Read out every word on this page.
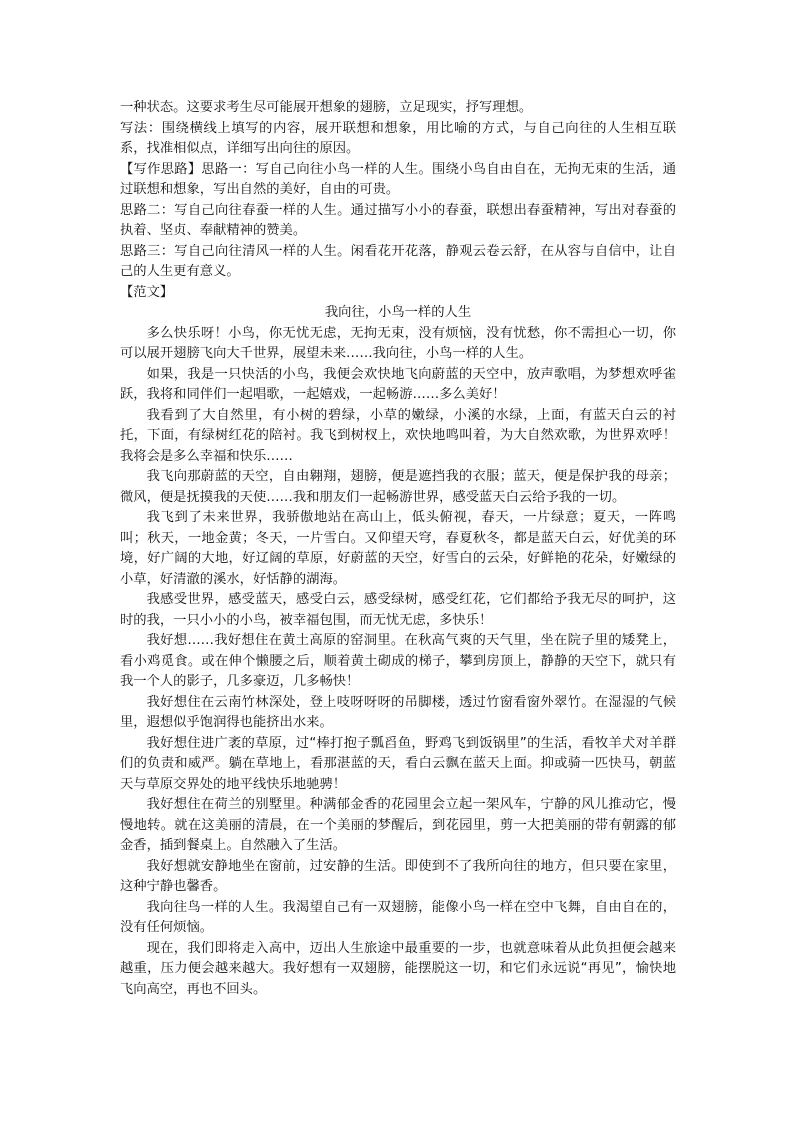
一种状态。这要求考生尽可能展开想象的翅膀，立足现实，抒写理想。

写法：围绕横线上填写的内容，展开联想和想象，用比喻的方式，与自己向往的人生相互联系，找准相似点，详细写出向往的原因。

【写作思路】思路一：写自己向往小鸟一样的人生。围绕小鸟自由自在，无拘无束的生活，通过联想和想象，写出自然的美好，自由的可贵。

思路二：写自己向往春蚕一样的人生。通过描写小小的春蚕，联想出春蚕精神，写出对春蚕的执着、坚贞、奉献精神的赞美。

思路三：写自己向往清风一样的人生。闲看花开花落，静观云卷云舒，在从容与自信中，让自己的人生更有意义。

【范文】

我向往，小鸟一样的人生

多么快乐呀！小鸟，你无忧无虑，无拘无束，没有烦恼，没有忧愁，你不需担心一切，你可以展开翅膀飞向大千世界，展望未来……我向往，小鸟一样的人生。

如果，我是一只快活的小鸟，我便会欢快地飞向蔚蓝的天空中，放声歌唱，为梦想欢呼雀跃，我将和同伴们一起唱歌，一起嬉戏，一起畅游……多么美好！

我看到了大自然里，有小树的碧绿，小草的嫩绿，小溪的水绿，上面，有蓝天白云的衬托，下面，有绿树红花的陪衬。我飞到树杈上，欢快地鸣叫着，为大自然欢歌，为世界欢呼！我将会是多么幸福和快乐……

我飞向那蔚蓝的天空，自由翱翔，翅膀，便是遮挡我的衣服；蓝天，便是保护我的母亲；微风，便是抚摸我的天使……我和朋友们一起畅游世界，感受蓝天白云给予我的一切。

我飞到了未来世界，我骄傲地站在高山上，低头俯视，春天，一片绿意；夏天，一阵鸣叫；秋天，一地金黄；冬天，一片雪白。又仰望天穹，春夏秋冬，都是蓝天白云，好优美的环境，好广阔的大地，好辽阔的草原，好蔚蓝的天空，好雪白的云朵，好鲜艳的花朵，好嫩绿的小草，好清澈的溪水，好恬静的湖海。

我感受世界，感受蓝天，感受白云，感受绿树，感受红花，它们都给予我无尽的呵护，这时的我，一只小小的小鸟，被幸福包围，而无忧无虑，多快乐！

我好想……我好想住在黄土高原的窑洞里。在秋高气爽的天气里，坐在院子里的矮凳上，看小鸡觅食。或在伸个懒腰之后，顺着黄土砌成的梯子，攀到房顶上，静静的天空下，就只有我一个人的影子，几多豪迈，几多畅快！

我好想住在云南竹林深处，登上吱呀呀呀的吊脚楼，透过竹窗看窗外翠竹。在湿湿的气候里，遐想似乎饱润得也能挤出水来。

我好想住进广袤的草原，过“棒打抱子瓢舀鱼，野鸡飞到饭锅里”的生活，看牧羊犬对羊群们的负责和威严。躺在草地上，看那湛蓝的天，看白云飘在蓝天上面。抑或骑一匹快马，朝蓝天与草原交界处的地平线快乐地驰骋！

我好想住在荷兰的别墅里。种满郁金香的花园里会立起一架风车，宁静的风儿推动它，慢慢地转。就在这美丽的清晨，在一个美丽的梦醒后，到花园里，剪一大把美丽的带有朝露的郁金香，插到餐桌上。自然融入了生活。

我好想就安静地坐在窗前，过安静的生活。即使到不了我所向往的地方，但只要在家里，这种宁静也馨香。

我向往鸟一样的人生。我渴望自己有一双翅膀，能像小鸟一样在空中飞舞，自由自在的，没有任何烦恼。

现在，我们即将走入高中，迈出人生旅途中最重要的一步，也就意味着从此负担便会越来越重，压力便会越来越大。我好想有一双翅膀，能摆脱这一切，和它们永远说“再见”，愉快地飞向高空，再也不回头。
